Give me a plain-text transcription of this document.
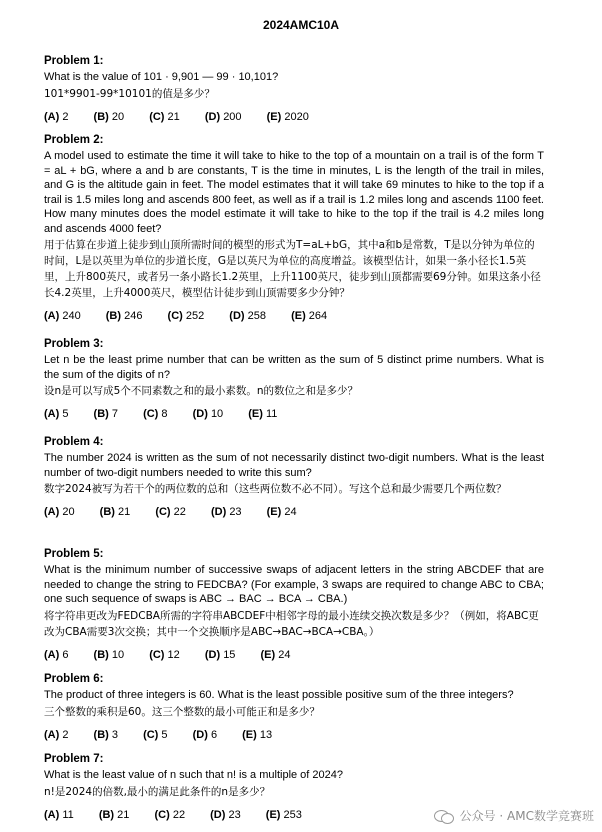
2024AMC10A
Problem 1:
What is the value of 101 · 9,901 — 99 · 10,101?
101*9901-99*10101的值是多少？
(A) 2 (B) 20 (C) 21 (D) 200 (E) 2020
Problem 2:
A model used to estimate the time it will take to hike to the top of a mountain on a trail is of the form T = aL + bG, where a and b are constants, T is the time in minutes, L is the length of the trail in miles, and G is the altitude gain in feet. The model estimates that it will take 69 minutes to hike to the top if a trail is 1.5 miles long and ascends 800 feet, as well as if a trail is 1.2 miles long and ascends 1100 feet. How many minutes does the model estimate it will take to hike to the top if the trail is 4.2 miles long and ascends 4000 feet?
用于估算在步道上徒步到山顶所需时间的模型的形式为T=aL+bG，其中a和b是常数，T是以分钟为单位的时间，L是以英里为单位的步道长度，G是以英尺为单位的高度增益。该模型估计，如果一条小径长1.5英里，上升800英尺，或者另一条小路长1.2英里，上升1100英尺，徒步到山顶都需要69分钟。如果这条小径长4.2英里，上升4000英尺，模型估计徒步到山顶需要多少分钟？
(A) 240 (B) 246 (C) 252 (D) 258 (E) 264
Problem 3:
Let n be the least prime number that can be written as the sum of 5 distinct prime numbers. What is the sum of the digits of n?
设n是可以写成5个不同素数之和的最小素数。n的数位之和是多少？
(A) 5 (B) 7 (C) 8 (D) 10 (E) 11
Problem 4:
The number 2024 is written as the sum of not necessarily distinct two-digit numbers. What is the least number of two-digit numbers needed to write this sum?
数字2024被写为若干个的两位数的总和（这些两位数不必不同）。写这个总和最少需要几个两位数？
(A) 20 (B) 21 (C) 22 (D) 23 (E) 24
Problem 5:
What is the minimum number of successive swaps of adjacent letters in the string ABCDEF that are needed to change the string to FEDCBA? (For example, 3 swaps are required to change ABC to CBA; one such sequence of swaps is ABC → BAC → BCA → CBA.)
将字符串更改为FEDCBA所需的字符串ABCDEF中相邻字母的最小连续交换次数是多少？（例如，将ABC更改为CBA需要3次交换；其中一个交换顺序是ABC→BAC→BCA→CBA。）
(A) 6 (B) 10 (C) 12 (D) 15 (E) 24
Problem 6:
The product of three integers is 60. What is the least possible positive sum of the three integers?
三个整数的乘积是60。这三个整数的最小可能正和是多少？
(A) 2 (B) 3 (C) 5 (D) 6 (E) 13
Problem 7:
What is the least value of n such that n! is a multiple of 2024?
n!是2024的倍数,最小的满足此条件的n是多少？
(A) 11 (B) 21 (C) 22 (D) 23 (E) 253	公众号 · AMC数学竞赛班
